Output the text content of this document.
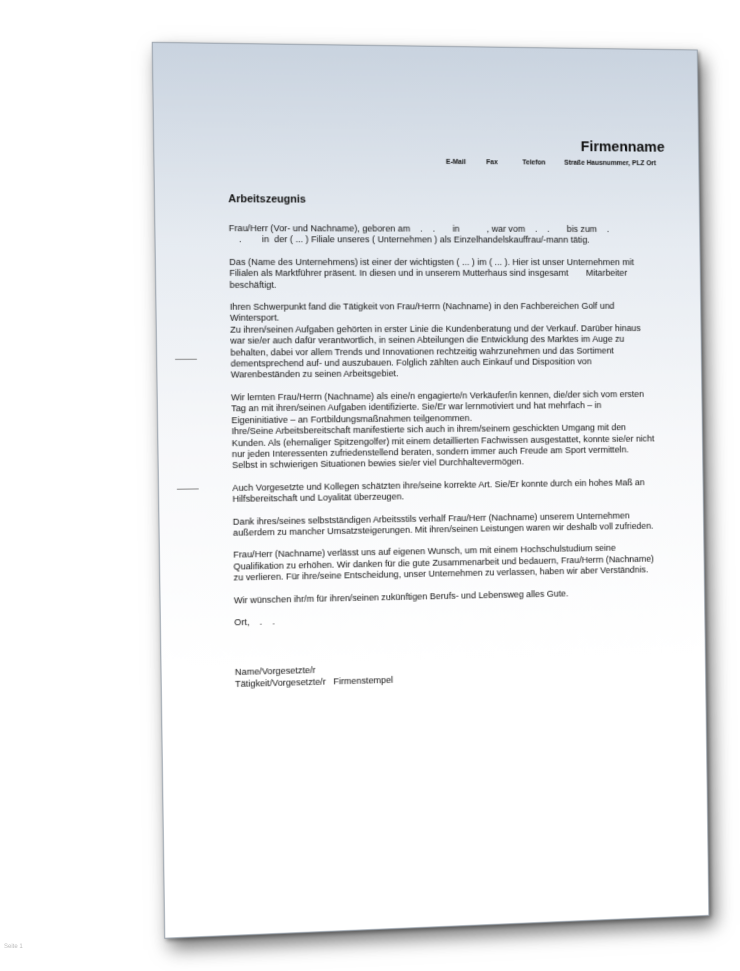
Firmenname
E-Mail	Fax	Telefon	Straße Hausnummer, PLZ Ort
Arbeitszeugnis

Frau/Herr (Vor- und Nachname), geboren am    .    .       in           , war vom    .    .       bis zum    .
.        in  der ( ... ) Filiale unseres ( Unternehmen ) als Einzelhandelskauffrau/-mann tätig.

Das (Name des Unternehmens) ist einer der wichtigsten ( ... ) im ( ... ). Hier ist unser Unternehmen mit Filialen als Marktführer präsent. In diesen und in unserem Mutterhaus sind insgesamt Mitarbeiter beschäftigt.

Ihren Schwerpunkt fand die Tätigkeit von Frau/Herrn (Nachname) in den Fachbereichen Golf und Wintersport.
Zu ihren/seinen Aufgaben gehörten in erster Linie die Kundenberatung und der Verkauf. Darüber hinaus war sie/er auch dafür verantwortlich, in seinen Abteilungen die Entwicklung des Marktes im Auge zu behalten, dabei vor allem Trends und Innovationen rechtzeitig wahrzunehmen und das Sortiment dementsprechend auf- und auszubauen. Folglich zählten auch Einkauf und Disposition von Warenbeständen zu seinen Arbeitsgebiet.

Wir lernten Frau/Herrn (Nachname) als eine/n engagierte/n Verkäufer/in kennen, die/der sich vom ersten Tag an mit ihren/seinen Aufgaben identifizierte. Sie/Er war lernmotiviert und hat mehrfach – in Eigeninitiative – an Fortbildungsmaßnahmen teilgenommen.
Ihre/Seine Arbeitsbereitschaft manifestierte sich auch in ihrem/seinem geschickten Umgang mit den Kunden. Als (ehemaliger Spitzengolfer) mit einem detaillierten Fachwissen ausgestattet, konnte sie/er nicht nur jeden Interessenten zufriedenstellend beraten, sondern immer auch Freude am Sport vermitteln. Selbst in schwierigen Situationen bewies sie/er viel Durchhaltevermögen.

Auch Vorgesetzte und Kollegen schätzten ihre/seine korrekte Art. Sie/Er konnte durch ein hohes Maß an Hilfsbereitschaft und Loyalität überzeugen.

Dank ihres/seines selbstständigen Arbeitsstils verhalf Frau/Herr (Nachname) unserem Unternehmen außerdem zu mancher Umsatzsteigerungen. Mit ihren/seinen Leistungen waren wir deshalb voll zufrieden.

Frau/Herr (Nachname) verlässt uns auf eigenen Wunsch, um mit einem Hochschulstudium seine Qualifikation zu erhöhen. Wir danken für die gute Zusammenarbeit und bedauern, Frau/Herrn (Nachname) zu verlieren. Für ihre/seine Entscheidung, unser Unternehmen zu verlassen, haben wir aber Verständnis.

Wir wünschen ihr/m für ihren/seinen zukünftigen Berufs- und Lebensweg alles Gute.

Ort,    .    .

Name/Vorgesetzte/r
Tätigkeit/Vorgesetzte/r   Firmenstempel
Seite 1
